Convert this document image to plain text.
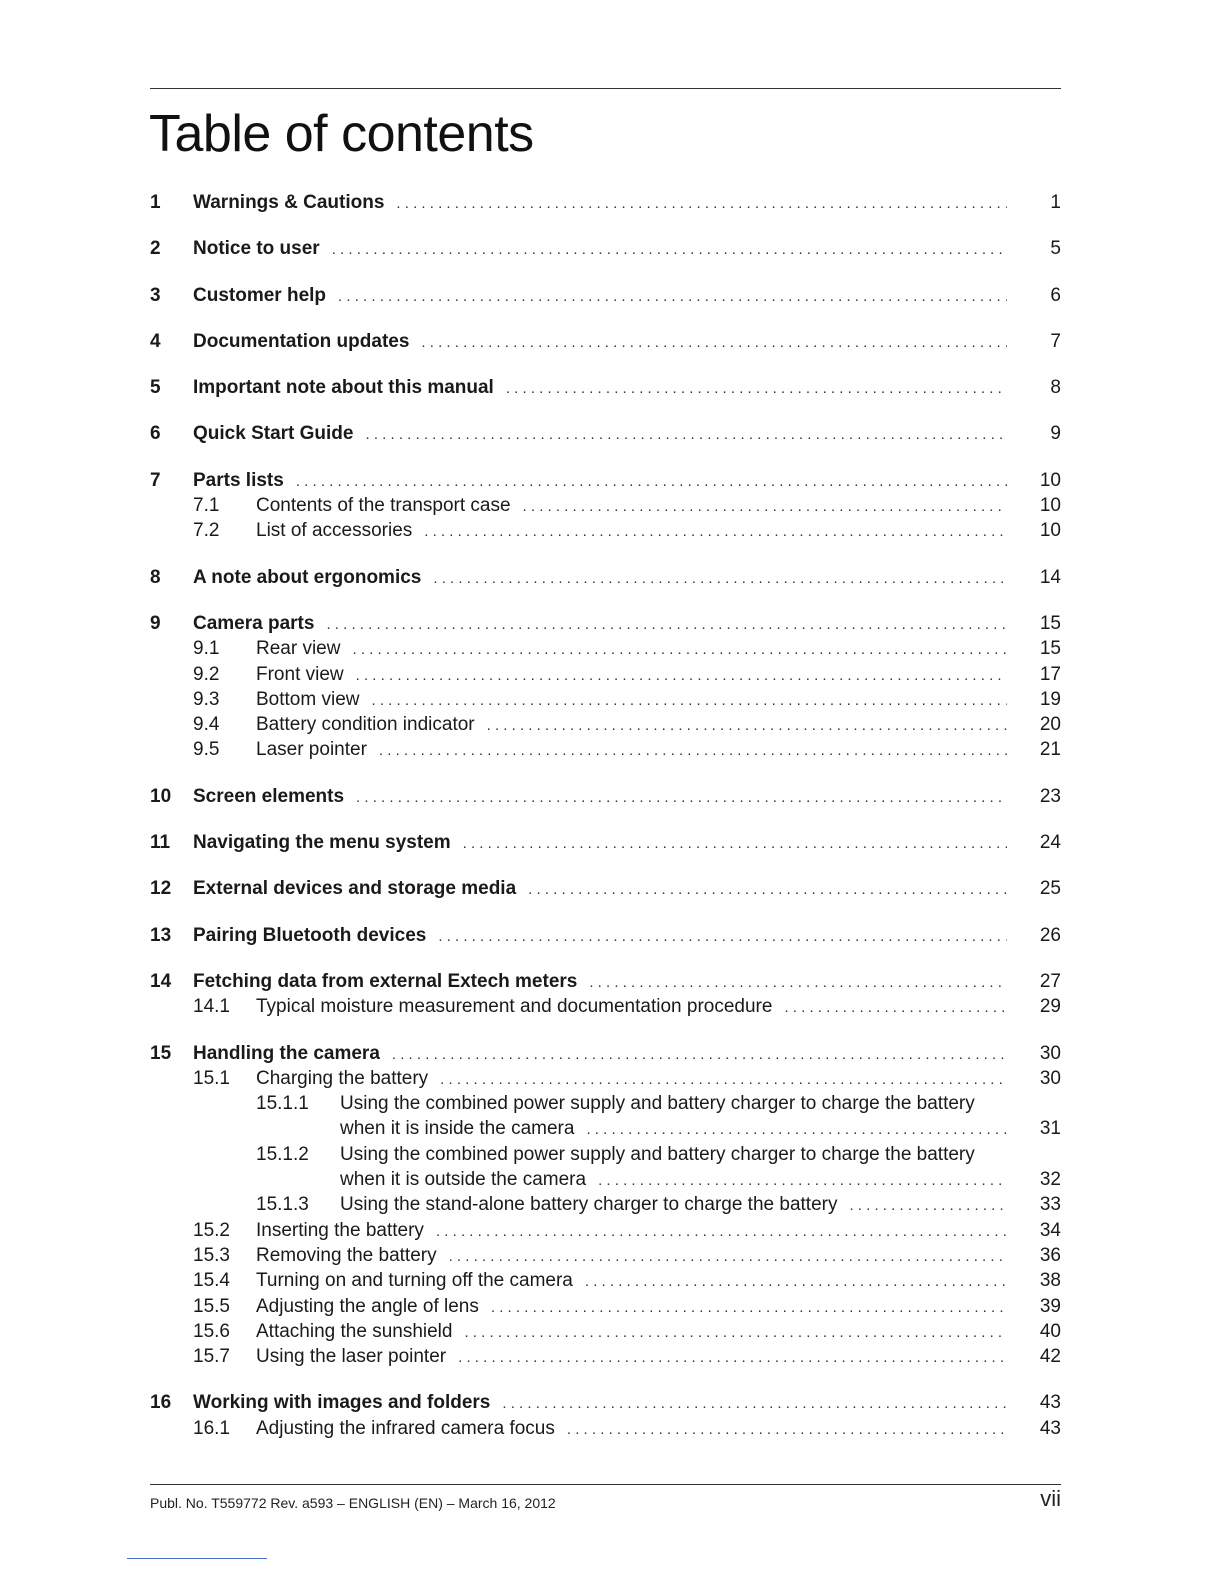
Table of contents
1 Warnings & Cautions . . .	1
2 Notice to user . . .	5
3 Customer help . . .	6
4 Documentation updates . . .	7
5 Important note about this manual . . .	8
6 Quick Start Guide . . .	9
7 Parts lists . . .	10
7.1 Contents of the transport case . . .	10
7.2 List of accessories . . .	10
8 A note about ergonomics . . .	14
9 Camera parts . . .	15
9.1 Rear view . . .	15
9.2 Front view . . .	17
9.3 Bottom view . . .	19
9.4 Battery condition indicator . . .	20
9.5 Laser pointer . . .	21
10 Screen elements . . .	23
11 Navigating the menu system . . .	24
12 External devices and storage media . . .	25
13 Pairing Bluetooth devices . . .	26
14 Fetching data from external Extech meters . . .	27
14.1 Typical moisture measurement and documentation procedure . . .	29
15 Handling the camera . . .	30
15.1 Charging the battery . . .	30
15.1.1 Using the combined power supply and battery charger to charge the battery
when it is inside the camera . . .	31
15.1.2 Using the combined power supply and battery charger to charge the battery
when it is outside the camera . . .	32
15.1.3 Using the stand-alone battery charger to charge the battery . . .	33
15.2 Inserting the battery . . .	34
15.3 Removing the battery . . .	36
15.4 Turning on and turning off the camera . . .	38
15.5 Adjusting the angle of lens . . .	39
15.6 Attaching the sunshield . . .	40
15.7 Using the laser pointer . . .	42
16 Working with images and folders . . .	43
16.1 Adjusting the infrared camera focus . . .	43
Publ. No. T559772 Rev. a593 – ENGLISH (EN) – March 16, 2012	vii
